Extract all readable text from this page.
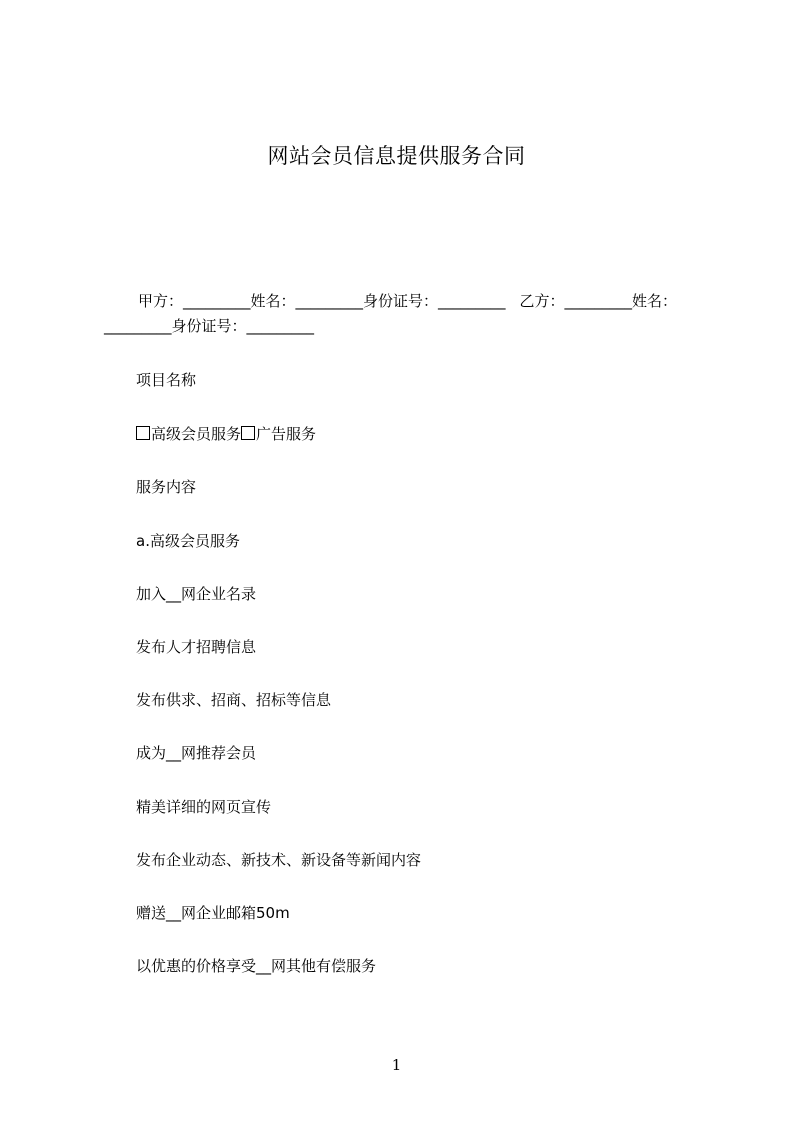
网站会员信息提供服务合同
甲方：_________姓名：_________身份证号：_________ 乙方：_________姓名：_________身份证号：_________
项目名称
高级会员服务 广告服务
服务内容
a.高级会员服务
加入__网企业名录
发布人才招聘信息
发布供求、招商、招标等信息
成为__网推荐会员
精美详细的网页宣传
发布企业动态、新技术、新设备等新闻内容
赠送__网企业邮箱50m
以优惠的价格享受__网其他有偿服务
1
